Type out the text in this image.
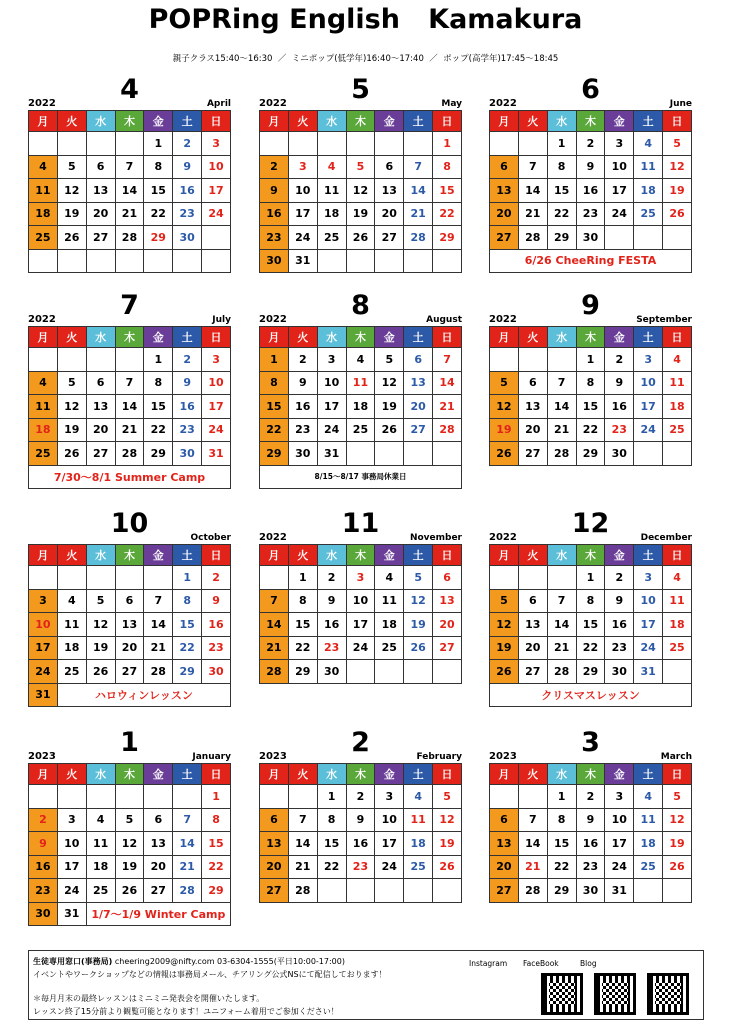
POPRing English   Kamakura
親子クラス15:40～16:30  ／  ミニポップ(低学年)16:40～17:40  ／  ポップ(高学年)17:45～18:45
2022	4	April
月	火	水	木	金	土	日
				1	2	3
4	5	6	7	8	9	10
11	12	13	14	15	16	17
18	19	20	21	22	23	24
25	26	27	28	29	30	

2022	5	May
月	火	水	木	金	土	日
						1
2	3	4	5	6	7	8
9	10	11	12	13	14	15
16	17	18	19	20	21	22
23	24	25	26	27	28	29
30	31					
2022	6	June
月	火	水	木	金	土	日
		1	2	3	4	5
6	7	8	9	10	11	12
13	14	15	16	17	18	19
20	21	22	23	24	25	26
27	28	29	30			
6/26 CheeRing FESTA						
2022	7	July
月	火	水	木	金	土	日
				1	2	3
4	5	6	7	8	9	10
11	12	13	14	15	16	17
18	19	20	21	22	23	24
25	26	27	28	29	30	31
7/30～8/1 Summer Camp						
2022	8	August
月	火	水	木	金	土	日
1	2	3	4	5	6	7
8	9	10	11	12	13	14
15	16	17	18	19	20	21
22	23	24	25	26	27	28
29	30	31				
8/15～8/17 事務局休業日						
2022	9	September
月	火	水	木	金	土	日
			1	2	3	4
5	6	7	8	9	10	11
12	13	14	15	16	17	18
19	20	21	22	23	24	25
26	27	28	29	30		
10	October
月	火	水	木	金	土	日
					1	2
3	4	5	6	7	8	9
10	11	12	13	14	15	16
17	18	19	20	21	22	23
24	25	26	27	28	29	30
31	ハロウィンレッスン					
2022	11	November
月	火	水	木	金	土	日
	1	2	3	4	5	6
7	8	9	10	11	12	13
14	15	16	17	18	19	20
21	22	23	24	25	26	27
28	29	30				
2022	12	December
月	火	水	木	金	土	日
			1	2	3	4
5	6	7	8	9	10	11
12	13	14	15	16	17	18
19	20	21	22	23	24	25
26	27	28	29	30	31	
クリスマスレッスン						
2023	1	January
月	火	水	木	金	土	日
						1
2	3	4	5	6	7	8
9	10	11	12	13	14	15
16	17	18	19	20	21	22
23	24	25	26	27	28	29
30	31	1/7～1/9 Winter Camp				
2023	2	February
月	火	水	木	金	土	日
		1	2	3	4	5
6	7	8	9	10	11	12
13	14	15	16	17	18	19
20	21	22	23	24	25	26
27	28					
2023	3	March
月	火	水	木	金	土	日
		1	2	3	4	5
6	7	8	9	10	11	12
13	14	15	16	17	18	19
20	21	22	23	24	25	26
27	28	29	30	31		
生徒専用窓口(事務局) cheering2009@nifty.com 03-6304-1555(平日10:00-17:00)
イベントやワークショップなどの情報は事務局メール、チアリング公式NSにて配信しております！
＊毎月月末の最終レッスンはミニミニ発表会を開催いたします。
レッスン終了15分前より観覧可能となります！ユニフォーム着用でご参加ください！
Instagram FaceBook	Blog
